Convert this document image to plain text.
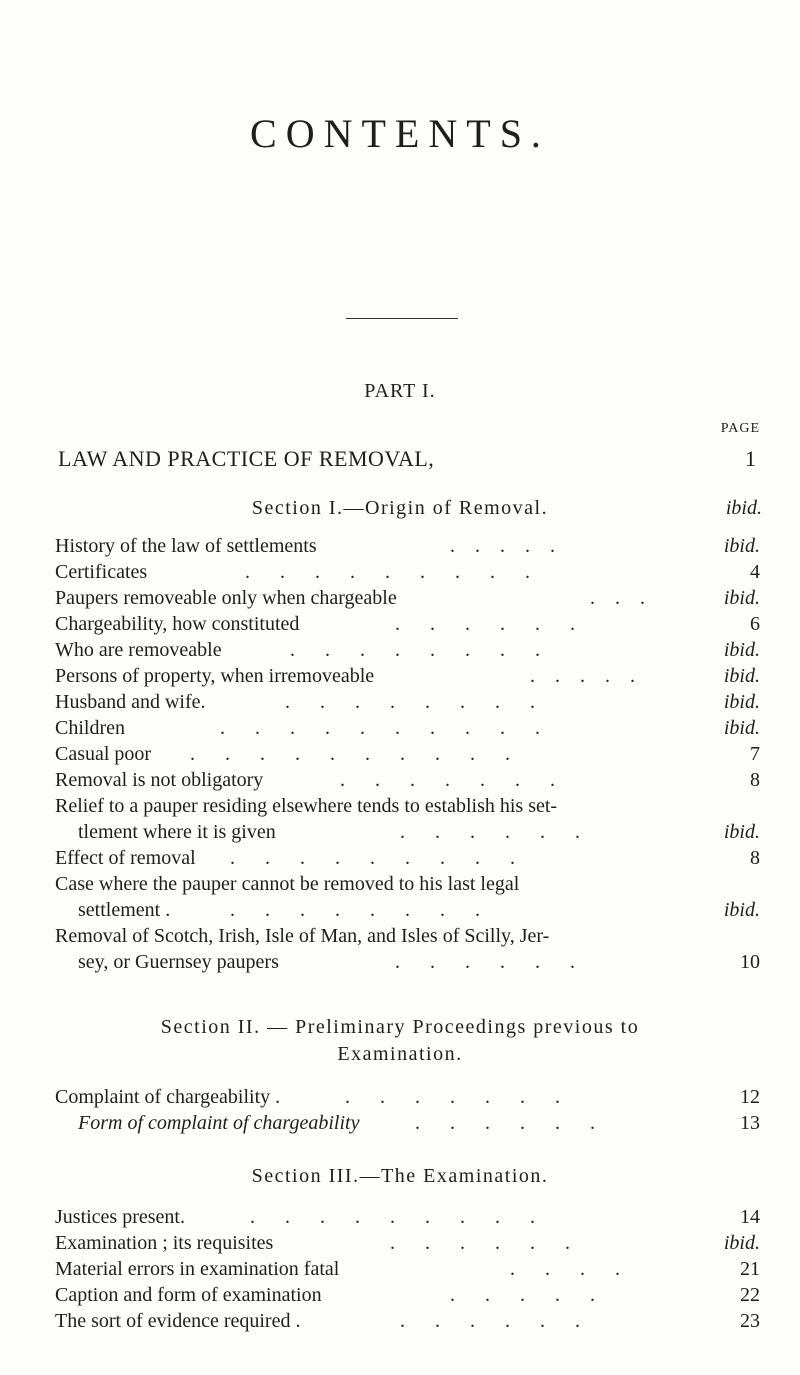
CONTENTS.
PART I.
PAGE
LAW AND PRACTICE OF REMOVAL,	1
Section I.—Origin of Removal.	ibid.
History of the law of settlements	.    .    .    .    .	ibid.
Certificates	.      .      .      .      .      .      .      .      .	4
Paupers removeable only when chargeable	.    .    .	ibid.
Chargeability, how constituted	.      .      .      .      .      .	6
Who are removeable	.      .      .      .      .      .      .      .	ibid.
Persons of property, when irremoveable	.    .    .    .    .	ibid.
Husband and wife.	.      .      .      .      .      .      .      .	ibid.
Children	.      .      .      .      .      .      .      .      .      .	ibid.
Casual poor .      .      .      .      .      .      .      .      .      .	7
Removal is not obligatory	.      .      .      .      .      .      .	8
Relief to a pauper residing elsewhere tends to establish his set-
tlement where it is given	.      .      .      .      .      .	ibid.
Effect of removal .      .      .      .      .      .      .      .      .	8
Case where the pauper cannot be removed to his last legal
settlement .	.      .      .      .      .      .      .      .	ibid.
Removal of Scotch, Irish, Isle of Man, and Isles of Scilly, Jer-
sey, or Guernsey paupers	.      .      .      .      .      .	10
Section II. — Preliminary Proceedings previous to
Examination.
Complaint of chargeability .	.      .      .      .      .      .      .	12
Form of complaint of chargeability	.      .      .      .      .      .	13
Section III.—The Examination.
Justices present.	.      .      .      .      .      .      .      .      .	14
Examination ; its requisites	.      .      .      .      .      .	ibid.
Material errors in examination fatal	.      .      .      .	21
Caption and form of examination	.      .      .      .      .	22
The sort of evidence required .	.      .      .      .      .      .	23
